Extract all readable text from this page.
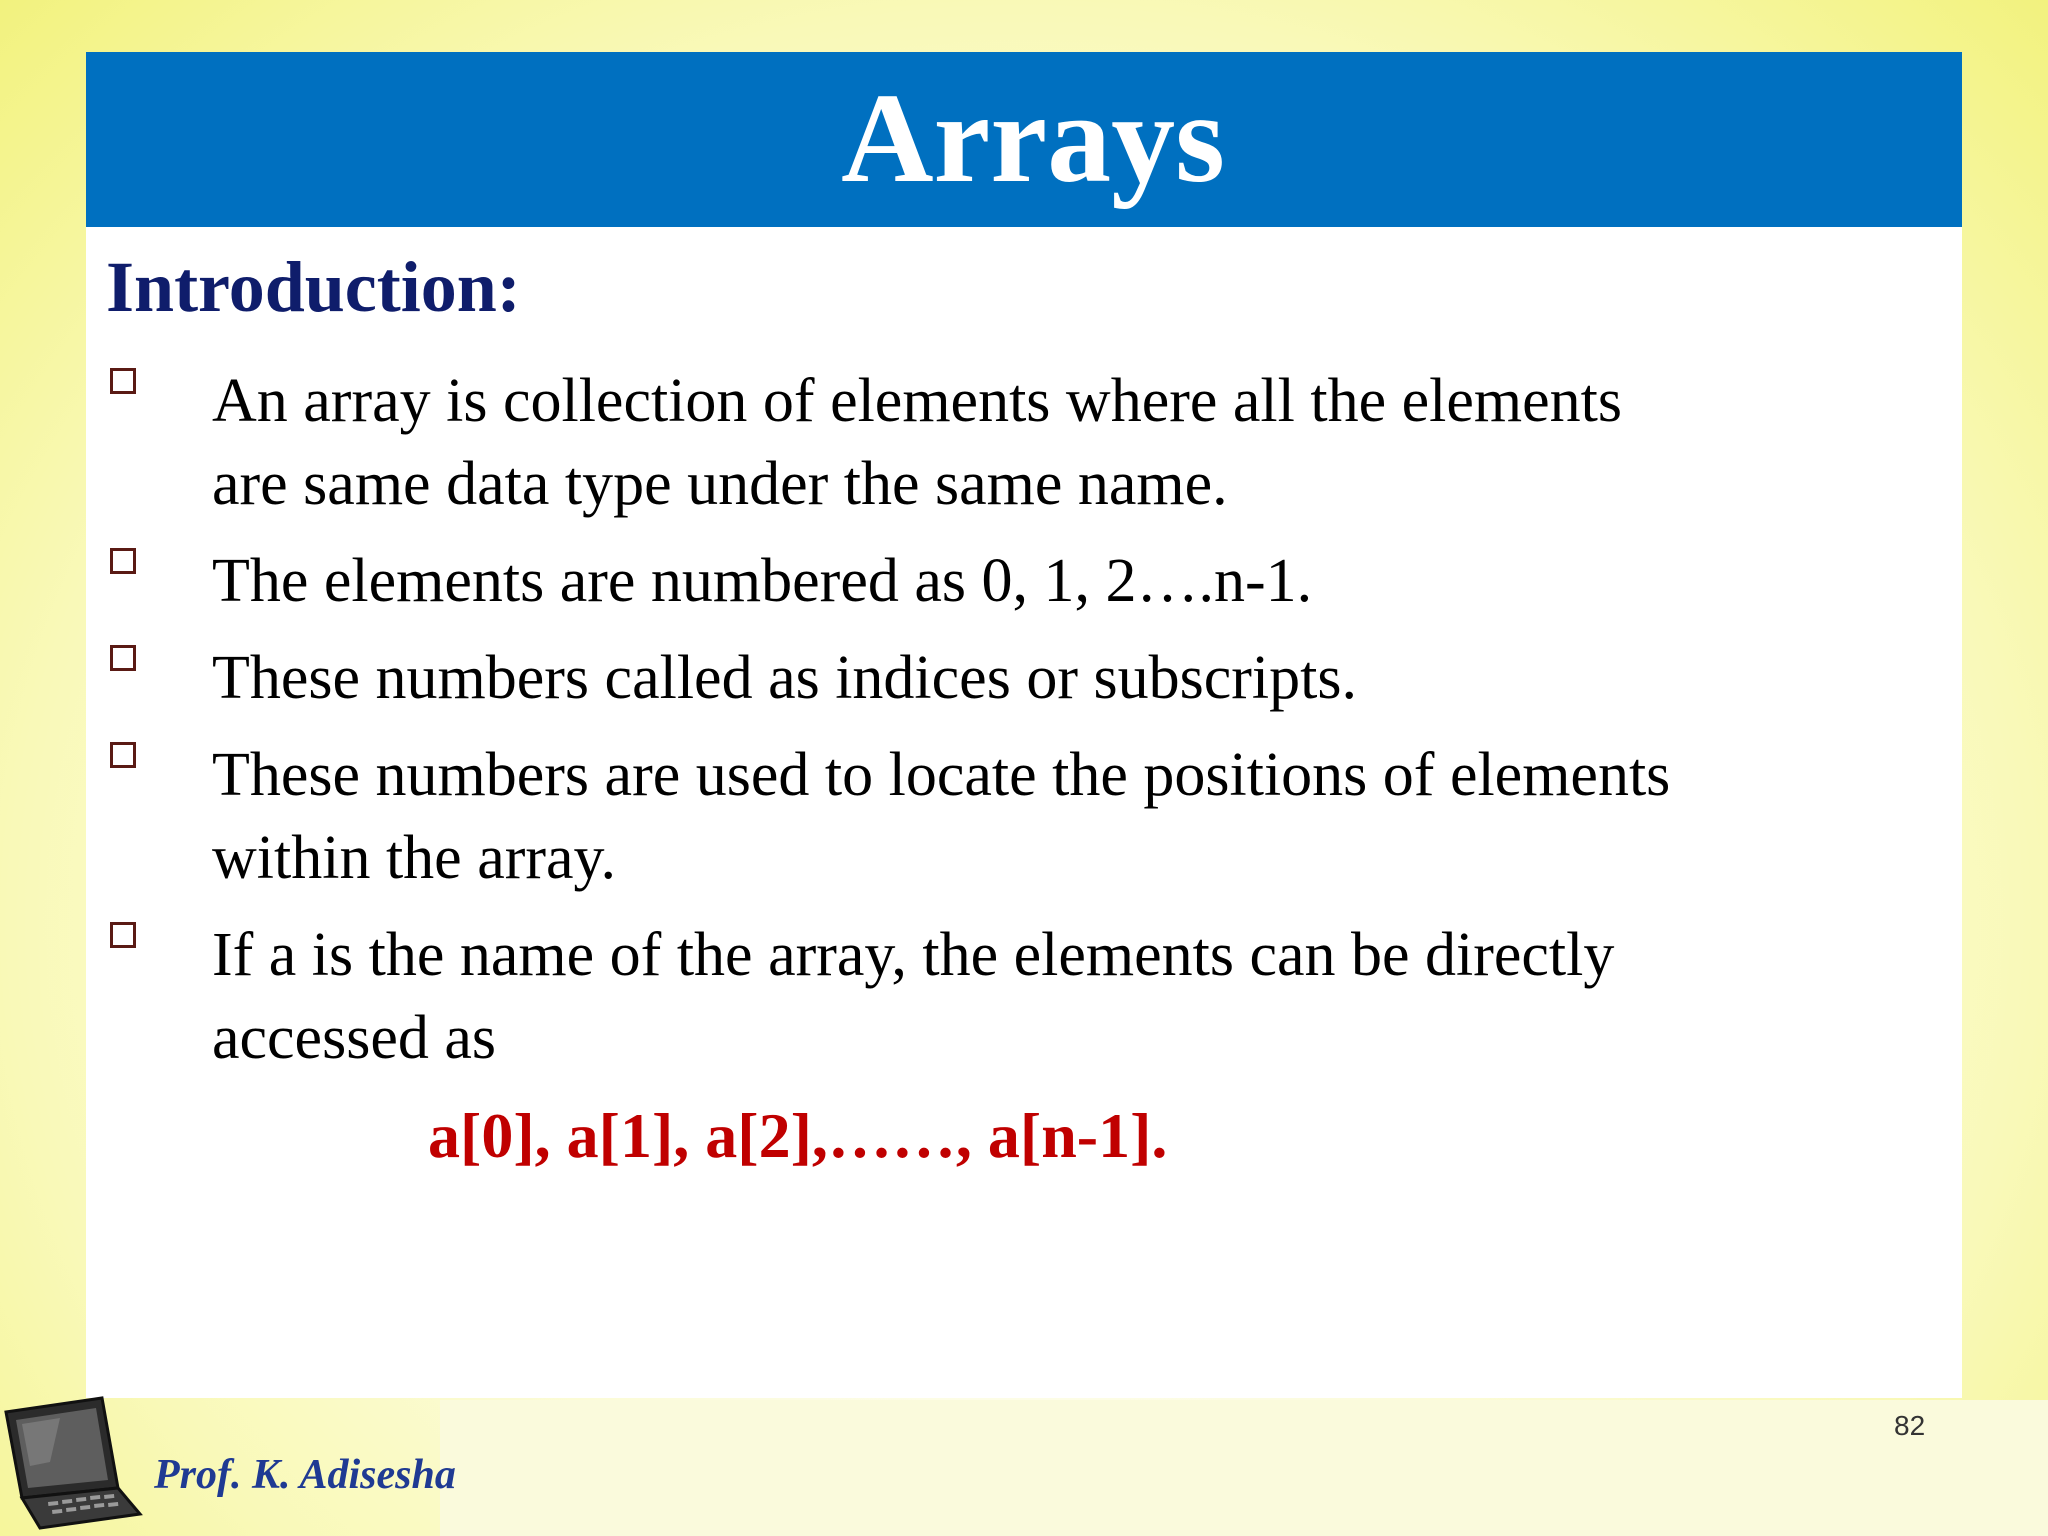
Arrays
Introduction:
An array is collection of elements where all the elements
are same data type under the same name.
The elements are numbered as 0, 1, 2….n-1.
These numbers called as indices or subscripts.
These numbers are used to locate the positions of elements
within the array.
If a is the name of the array, the elements can be directly
accessed as

a[0], a[1], a[2],……, a[n-1].

82
Prof. K. Adisesha
